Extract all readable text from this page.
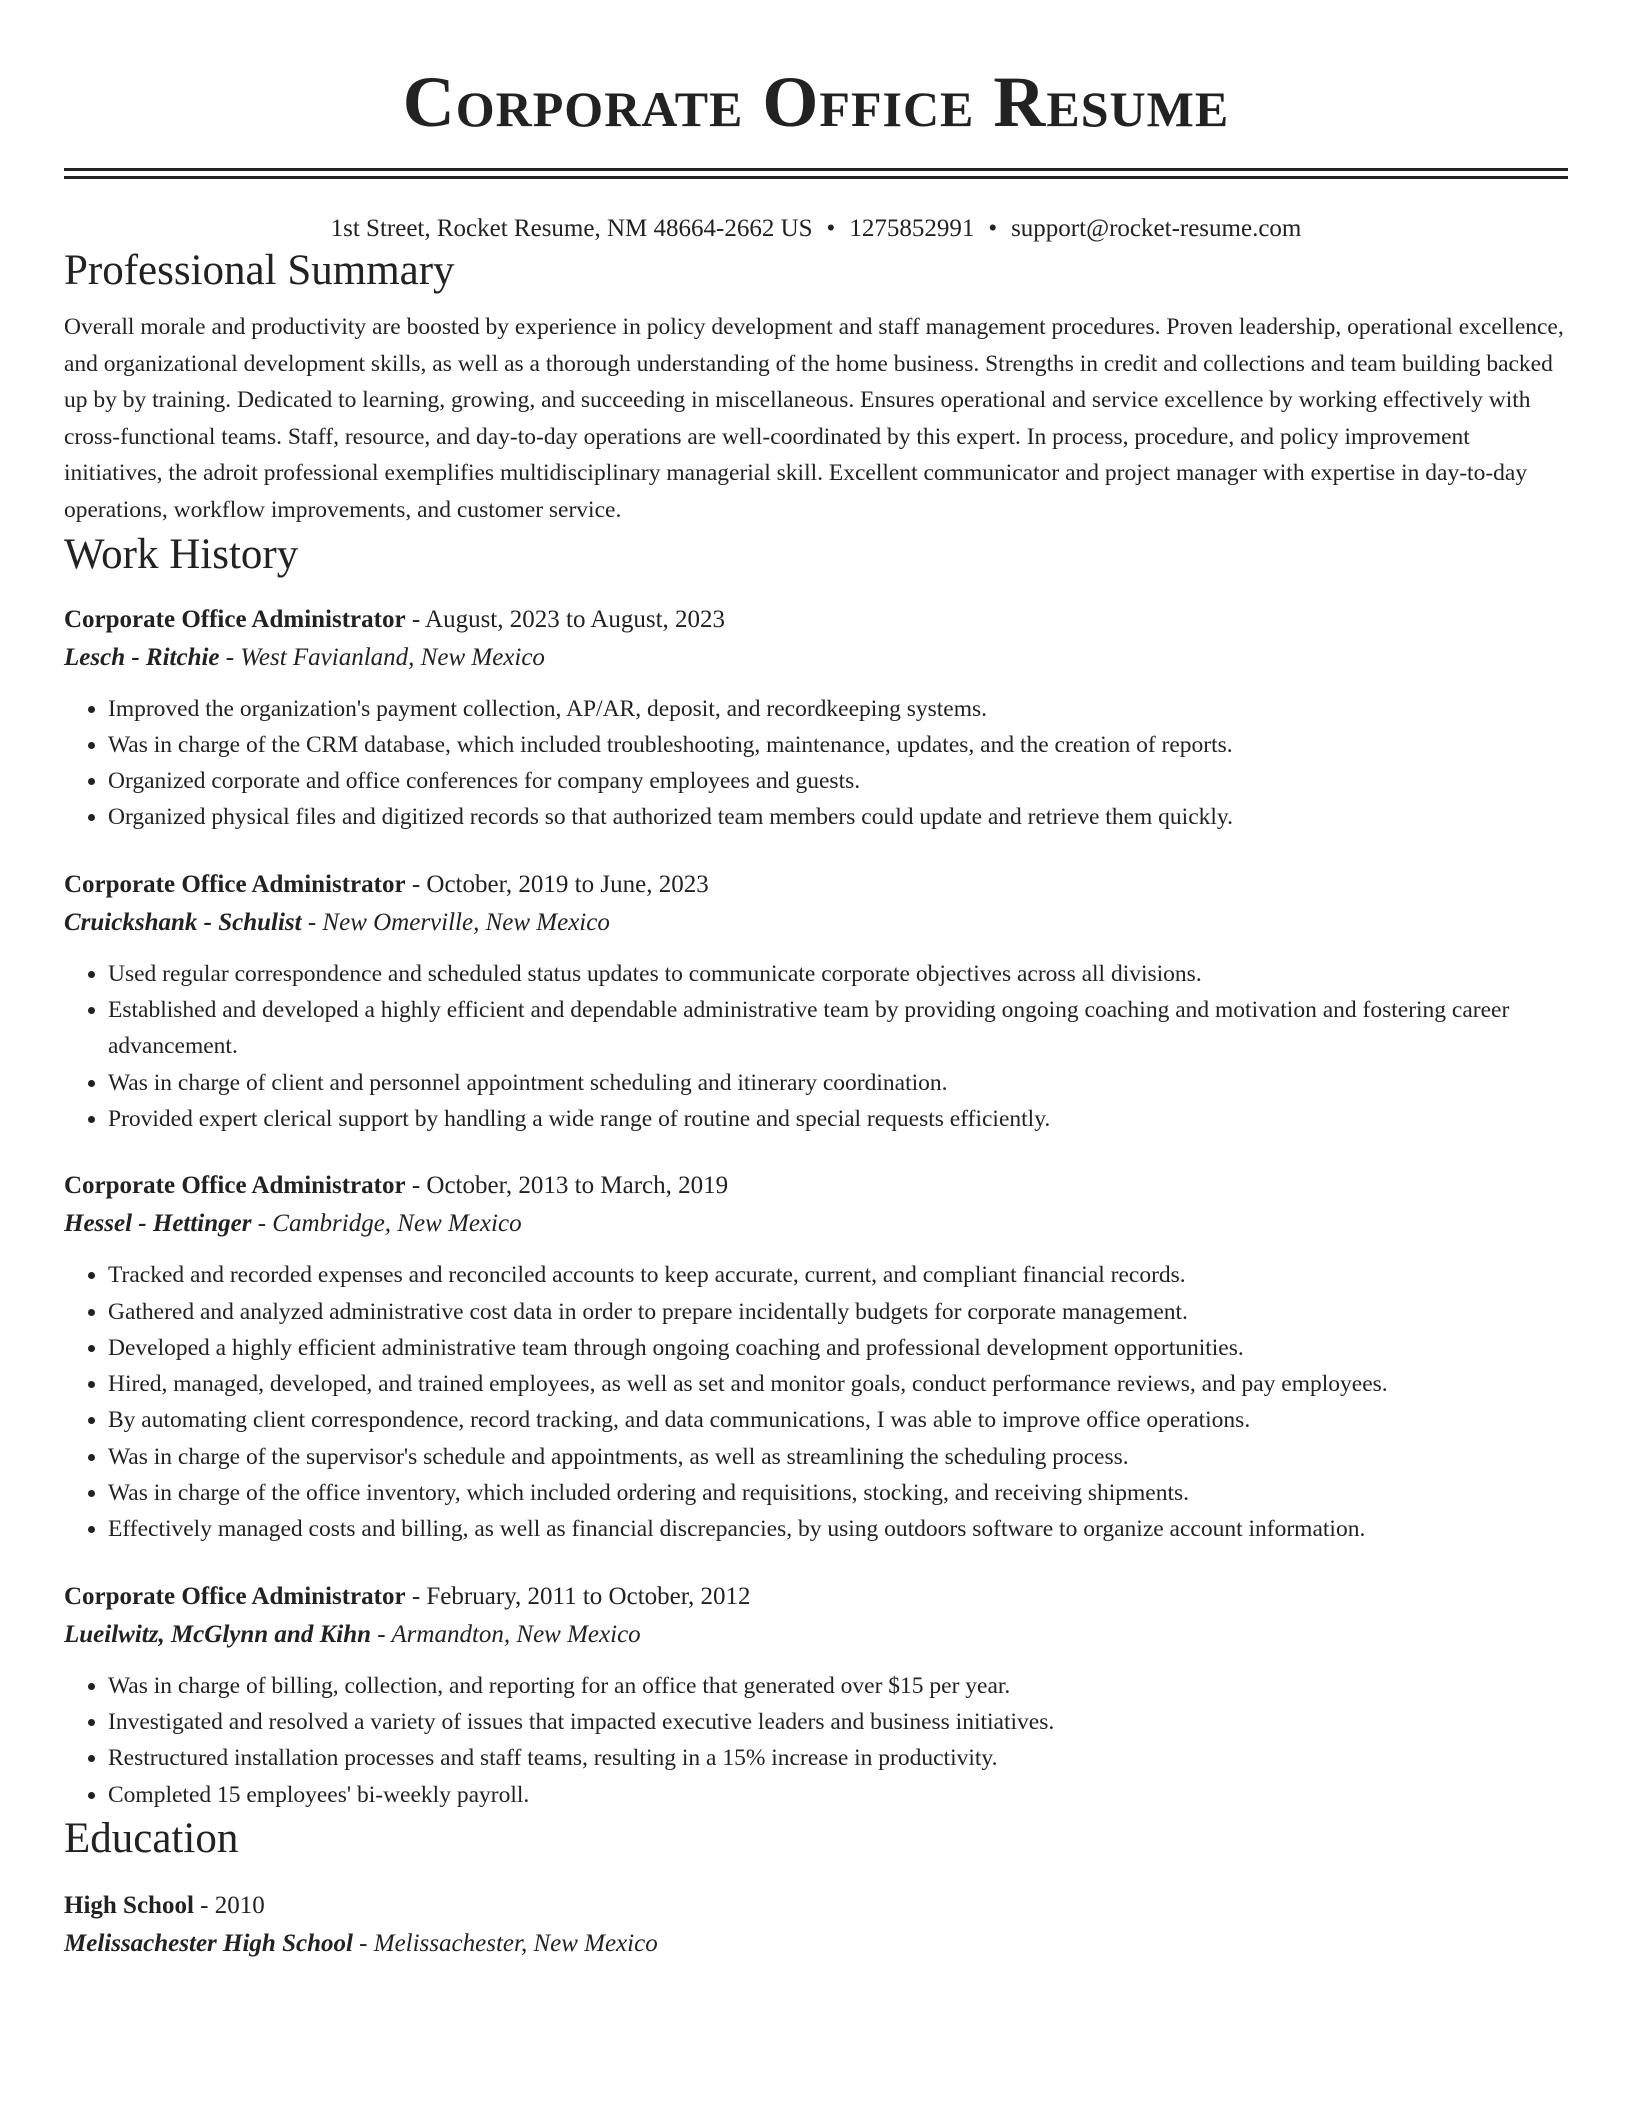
Corporate Office Resume
1st Street, Rocket Resume, NM 48664-2662 US • 1275852991 • support@rocket-resume.com
Professional Summary
Overall morale and productivity are boosted by experience in policy development and staff management procedures. Proven leadership, operational excellence, and organizational development skills, as well as a thorough understanding of the home business. Strengths in credit and collections and team building backed up by by training. Dedicated to learning, growing, and succeeding in miscellaneous. Ensures operational and service excellence by working effectively with cross-functional teams. Staff, resource, and day-to-day operations are well-coordinated by this expert. In process, procedure, and policy improvement initiatives, the adroit professional exemplifies multidisciplinary managerial skill. Excellent communicator and project manager with expertise in day-to-day operations, workflow improvements, and customer service.
Work History
Corporate Office Administrator - August, 2023 to August, 2023
Lesch - Ritchie - West Favianland, New Mexico
• Improved the organization's payment collection, AP/AR, deposit, and recordkeeping systems.
• Was in charge of the CRM database, which included troubleshooting, maintenance, updates, and the creation of reports.
• Organized corporate and office conferences for company employees and guests.
• Organized physical files and digitized records so that authorized team members could update and retrieve them quickly.
Corporate Office Administrator - October, 2019 to June, 2023
Cruickshank - Schulist - New Omerville, New Mexico
• Used regular correspondence and scheduled status updates to communicate corporate objectives across all divisions.
• Established and developed a highly efficient and dependable administrative team by providing ongoing coaching and motivation and fostering career advancement.
• Was in charge of client and personnel appointment scheduling and itinerary coordination.
• Provided expert clerical support by handling a wide range of routine and special requests efficiently.
Corporate Office Administrator - October, 2013 to March, 2019
Hessel - Hettinger - Cambridge, New Mexico
• Tracked and recorded expenses and reconciled accounts to keep accurate, current, and compliant financial records.
• Gathered and analyzed administrative cost data in order to prepare incidentally budgets for corporate management.
• Developed a highly efficient administrative team through ongoing coaching and professional development opportunities.
• Hired, managed, developed, and trained employees, as well as set and monitor goals, conduct performance reviews, and pay employees.
• By automating client correspondence, record tracking, and data communications, I was able to improve office operations.
• Was in charge of the supervisor's schedule and appointments, as well as streamlining the scheduling process.
• Was in charge of the office inventory, which included ordering and requisitions, stocking, and receiving shipments.
• Effectively managed costs and billing, as well as financial discrepancies, by using outdoors software to organize account information.
Corporate Office Administrator - February, 2011 to October, 2012
Lueilwitz, McGlynn and Kihn - Armandton, New Mexico
• Was in charge of billing, collection, and reporting for an office that generated over $15 per year.
• Investigated and resolved a variety of issues that impacted executive leaders and business initiatives.
• Restructured installation processes and staff teams, resulting in a 15% increase in productivity.
• Completed 15 employees' bi-weekly payroll.
Education
High School - 2010
Melissachester High School - Melissachester, New Mexico
